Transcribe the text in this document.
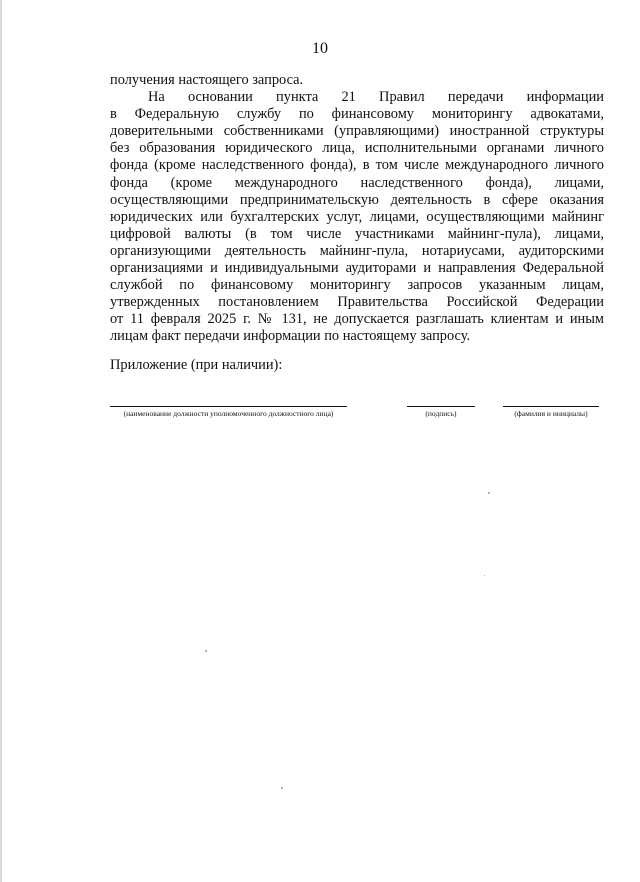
10
получения настоящего запроса.
На основании пункта 21 Правил передачи информации
в Федеральную службу по финансовому мониторингу адвокатами,
доверительными собственниками (управляющими) иностранной структуры
без образования юридического лица, исполнительными органами личного
фонда (кроме наследственного фонда), в том числе международного личного
фонда (кроме международного наследственного фонда), лицами,
осуществляющими предпринимательскую деятельность в сфере оказания
юридических или бухгалтерских услуг, лицами, осуществляющими майнинг
цифровой валюты (в том числе участниками майнинг-пула), лицами,
организующими деятельность майнинг-пула, нотариусами, аудиторскими
организациями и индивидуальными аудиторами и направления Федеральной
службой по финансовому мониторингу запросов указанным лицам,
утвержденных постановлением Правительства Российской Федерации
от 11 февраля 2025 г. № 131, не допускается разглашать клиентам и иным
лицам факт передачи информации по настоящему запросу.
Приложение (при наличии):
(наименование должности уполномоченного должностного лица)	(подпись)	(фамилия и инициалы)
